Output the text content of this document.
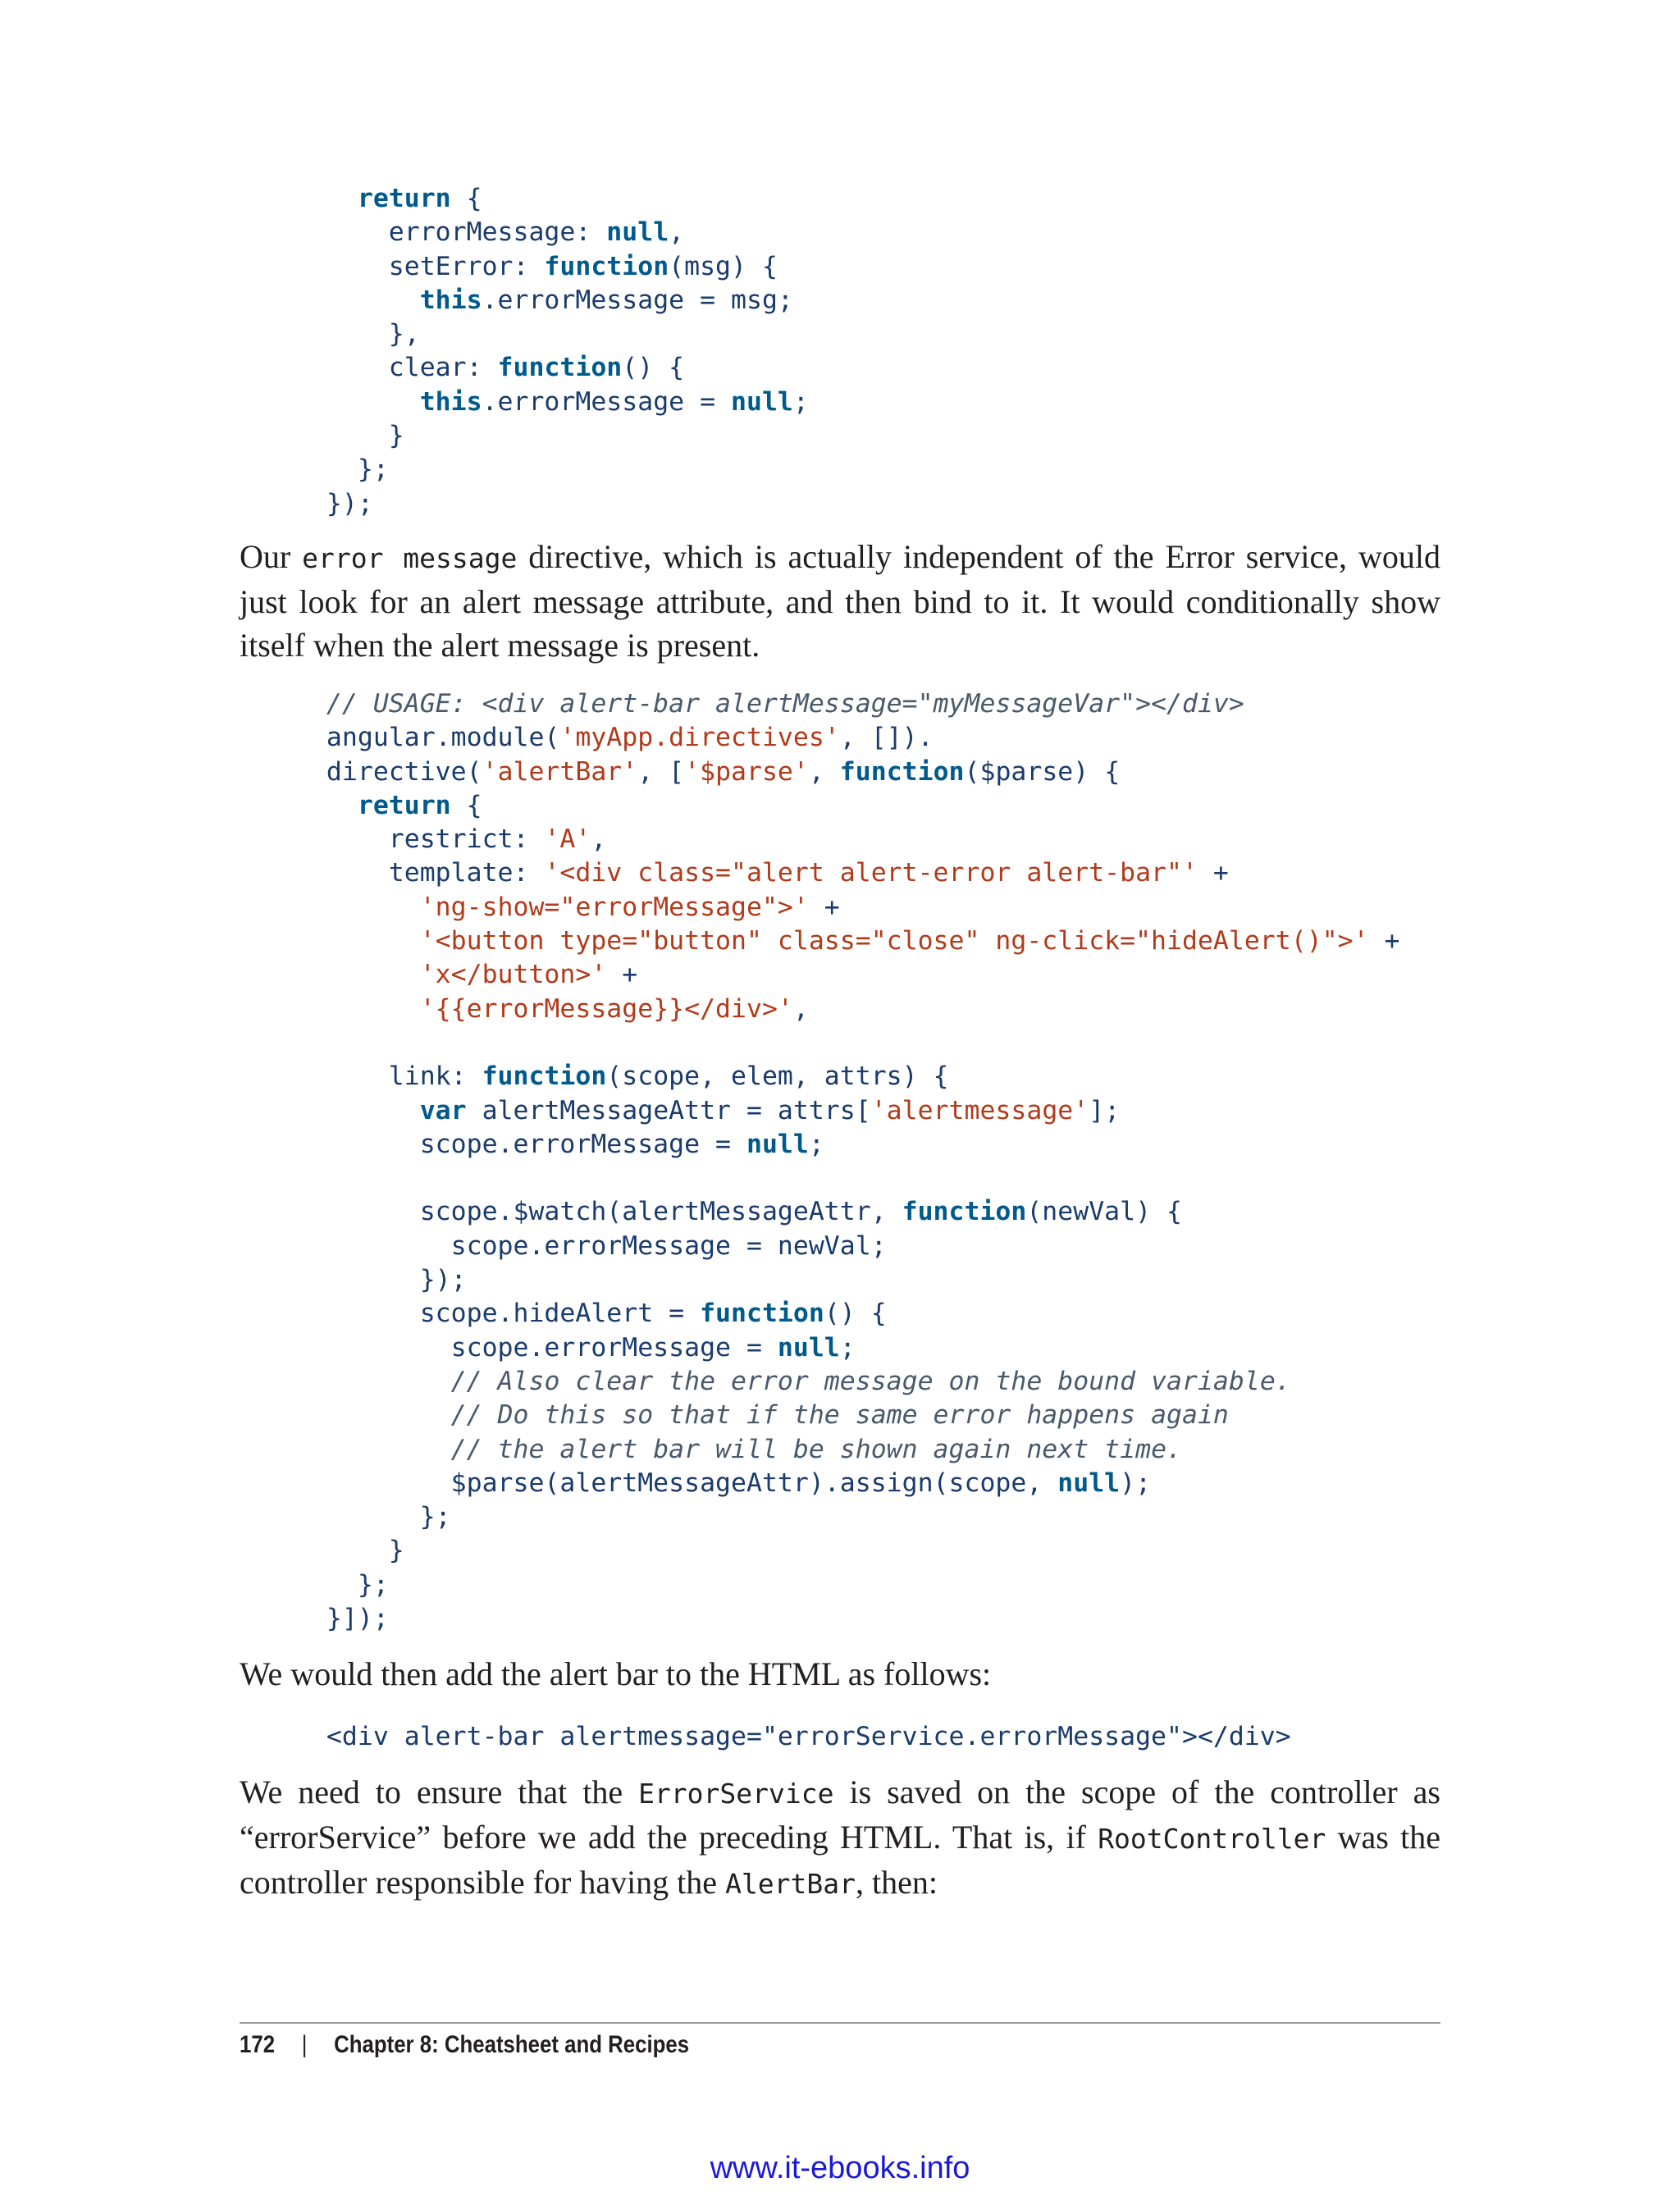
return {
errorMessage: null,
setError: function(msg) {
this.errorMessage = msg;
},
clear: function() {
this.errorMessage = null;
}
};
});

Our error message directive, which is actually independent of the Error service, would just look for an alert message attribute, and then bind to it. It would conditionally show itself when the alert message is present.

// USAGE: <div alert-bar alertMessage="myMessageVar"></div>
angular.module('myApp.directives', []).
directive('alertBar', ['$parse', function($parse) {
return {
restrict: 'A',
template: '<div class="alert alert-error alert-bar"' +
'ng-show="errorMessage">' +
'<button type="button" class="close" ng-click="hideAlert()">' +
'x</button>' +
'{{errorMessage}}</div>',
link: function(scope, elem, attrs) {
var alertMessageAttr = attrs['alertmessage'];
scope.errorMessage = null;
scope.$watch(alertMessageAttr, function(newVal) {
scope.errorMessage = newVal;
});
scope.hideAlert = function() {
scope.errorMessage = null;
// Also clear the error message on the bound variable.
// Do this so that if the same error happens again
// the alert bar will be shown again next time.
$parse(alertMessageAttr).assign(scope, null);
};
}
};
}]);

We would then add the alert bar to the HTML as follows:

<div alert-bar alertmessage="errorService.errorMessage"></div>

We need to ensure that the ErrorService is saved on the scope of the controller as “errorService” before we add the preceding HTML. That is, if RootController was the controller responsible for having the AlertBar, then:

172 | Chapter 8: Cheatsheet and Recipes
www.it-ebooks.info
